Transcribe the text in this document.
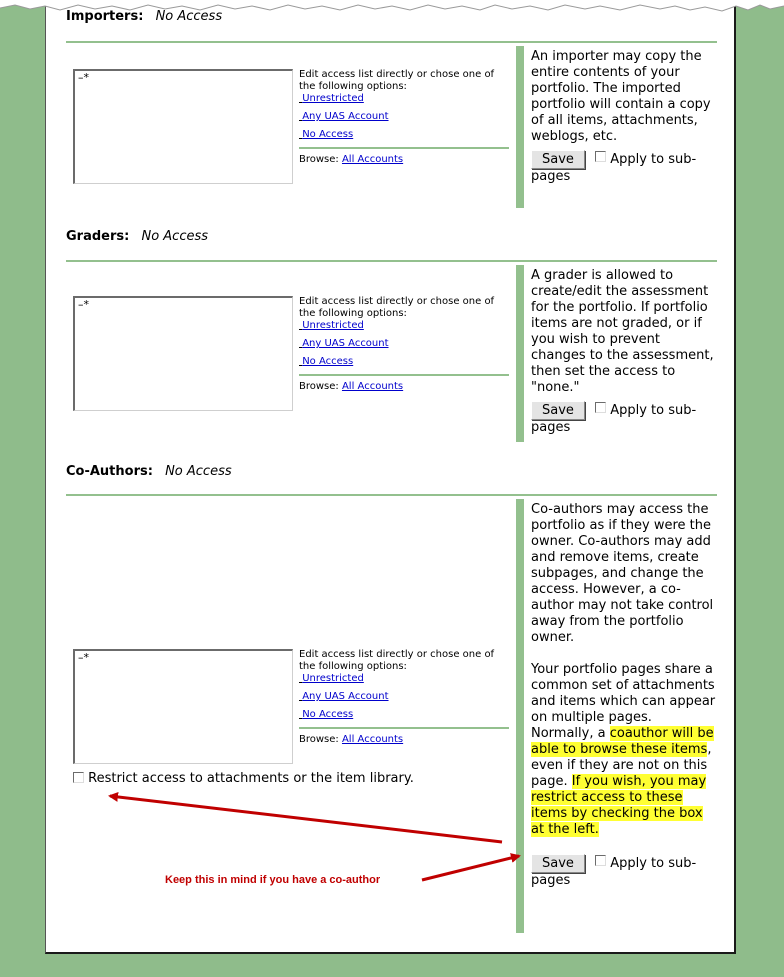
Importers: No Access
–*	Edit access list directly or chose one of the following options:
Unrestricted
Any UAS Account
No Access
Browse: All Accounts
An importer may copy the entire contents of your portfolio. The imported portfolio will contain a copy of all items, attachments, weblogs, etc.
Save	Apply to sub-pages
Graders: No Access
–*	Edit access list directly or chose one of the following options:
Unrestricted
Any UAS Account
No Access
Browse: All Accounts
A grader is allowed to create/edit the assessment for the portfolio. If portfolio items are not graded, or if you wish to prevent changes to the assessment, then set the access to "none."
Save	Apply to sub-pages
Co-Authors: No Access
–*	Edit access list directly or chose one of the following options:
Unrestricted
Any UAS Account
No Access
Browse: All Accounts
Restrict access to attachments or the item library.
Co-authors may access the portfolio as if they were the owner. Co-authors may add and remove items, create subpages, and change the access. However, a co-author may not take control away from the portfolio owner.
Your portfolio pages share a common set of attachments and items which can appear on multiple pages. Normally, a coauthor will be able to browse these items, even if they are not on this page. If you wish, you may restrict access to these items by checking the box at the left.
Save	Apply to sub-pages
Keep this in mind if you have a co-author
